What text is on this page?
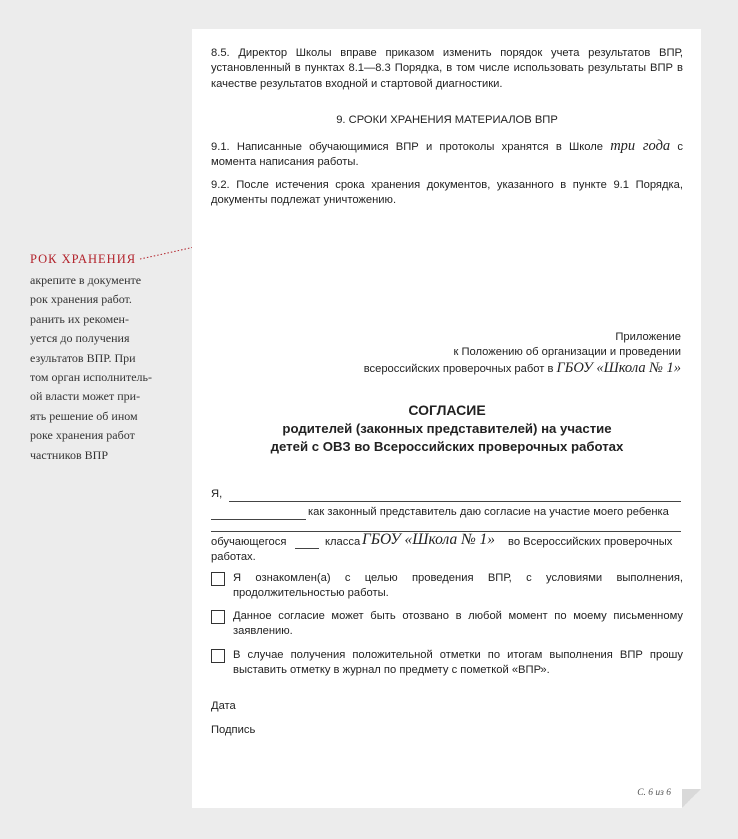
РОК ХРАНЕНИЯ
акрепите в документе
рок хранения работ.
ранить их рекомен-
уется до получения
езультатов ВПР. При
том орган исполнитель-
ой власти может при-
ять решение об ином
роке хранения работ
частников ВПР
8.5. Директор Школы вправе приказом изменить порядок учета результатов ВПР, установленный в пунктах 8.1—8.3 Порядка, в том числе использовать результаты ВПР в качестве результатов входной и стартовой диагностики.
9. СРОКИ ХРАНЕНИЯ МАТЕРИАЛОВ ВПР
9.1. Написанные обучающимися ВПР и протоколы хранятся в Школе три года с момента написания работы.
9.2. После истечения срока хранения документов, указанного в пункте 9.1 Порядка, документы подлежат уничтожению.
Приложение
к Положению об организации и проведении
всероссийских проверочных работ в ГБОУ «Школа № 1»
СОГЛАСИЕ
родителей (законных представителей) на участие
детей с ОВЗ во Всероссийских проверочных работах
Я,
как законный представитель даю согласие на участие моего ребенка
обучающегося	класса ГБОУ «Школа № 1» во Всероссийских проверочных
работах.
Я ознакомлен(а) с целью проведения ВПР, с условиями выполнения, продолжительностью работы.
Данное согласие может быть отозвано в любой момент по моему письменному заявлению.
В случае получения положительной отметки по итогам выполнения ВПР прошу выставить отметку в журнал по предмету с пометкой «ВПР».
Дата
Подпись
С. 6 из 6
